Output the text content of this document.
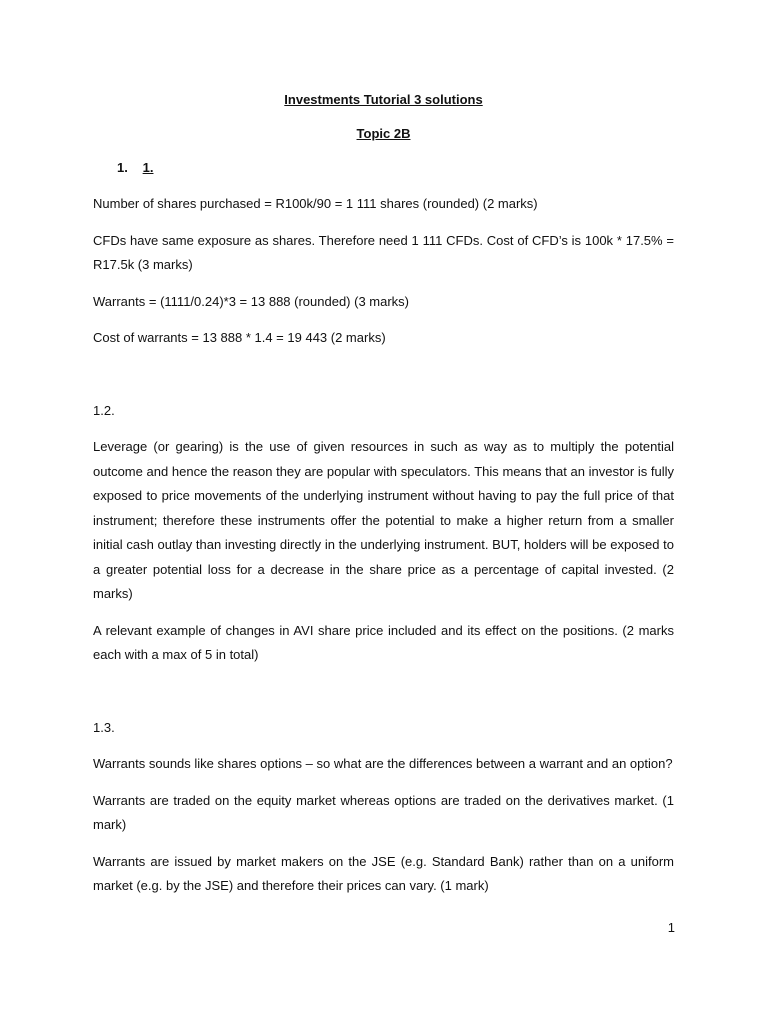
Investments Tutorial 3 solutions
Topic 2B
1. 1.

Number of shares purchased = R100k/90 = 1 111 shares (rounded) (2 marks)

CFDs have same exposure as shares. Therefore need 1 111 CFDs. Cost of CFD’s is 100k * 17.5% = R17.5k (3 marks)

Warrants = (1111/0.24)*3 = 13 888 (rounded) (3 marks)

Cost of warrants = 13 888 * 1.4 = 19 443 (2 marks)

1.2.

Leverage (or gearing) is the use of given resources in such as way as to multiply the potential outcome and hence the reason they are popular with speculators. This means that an investor is fully exposed to price movements of the underlying instrument without having to pay the full price of that instrument; therefore these instruments offer the potential to make a higher return from a smaller initial cash outlay than investing directly in the underlying instrument. BUT, holders will be exposed to a greater potential loss for a decrease in the share price as a percentage of capital invested. (2 marks)

A relevant example of changes in AVI share price included and its effect on the positions. (2 marks each with a max of 5 in total)

1.3.

Warrants sounds like shares options – so what are the differences between a warrant and an option?

Warrants are traded on the equity market whereas options are traded on the derivatives market. (1 mark)

Warrants are issued by market makers on the JSE (e.g. Standard Bank) rather than on a uniform market (e.g. by the JSE) and therefore their prices can vary. (1 mark)

1
